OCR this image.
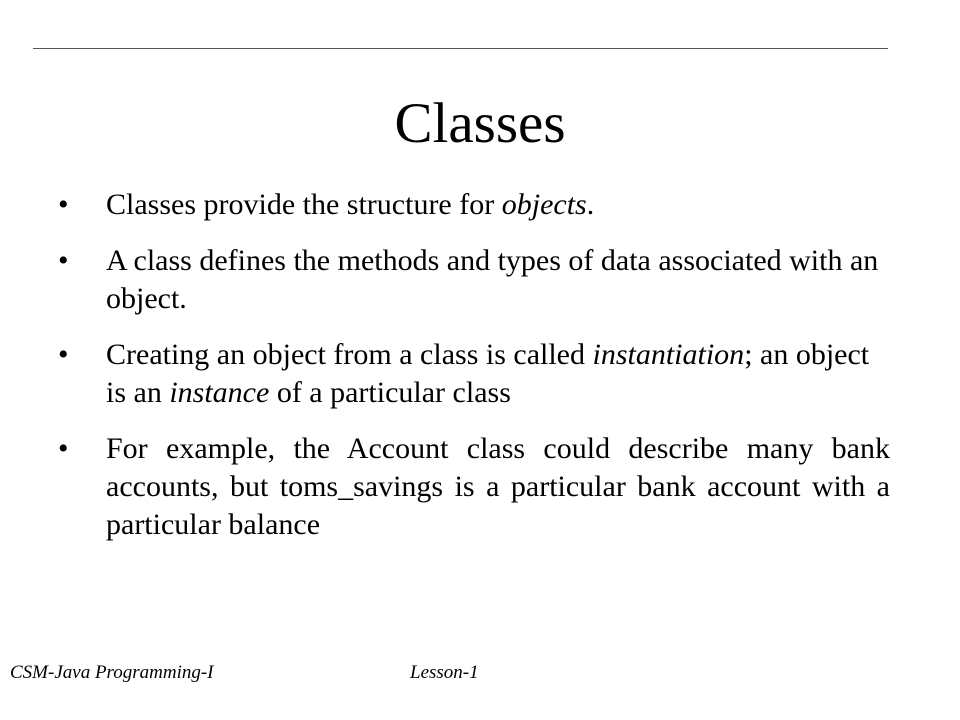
Classes
•	Classes provide the structure for objects.
•	A class defines the methods and types of data associated with an object.
•	Creating an object from a class is called instantiation; an object is an instance of a particular class
•	For example, the Account class could describe many bank accounts, but toms_savings is a particular bank account with a particular balance
CSM-Java Programming-I	Lesson-1
